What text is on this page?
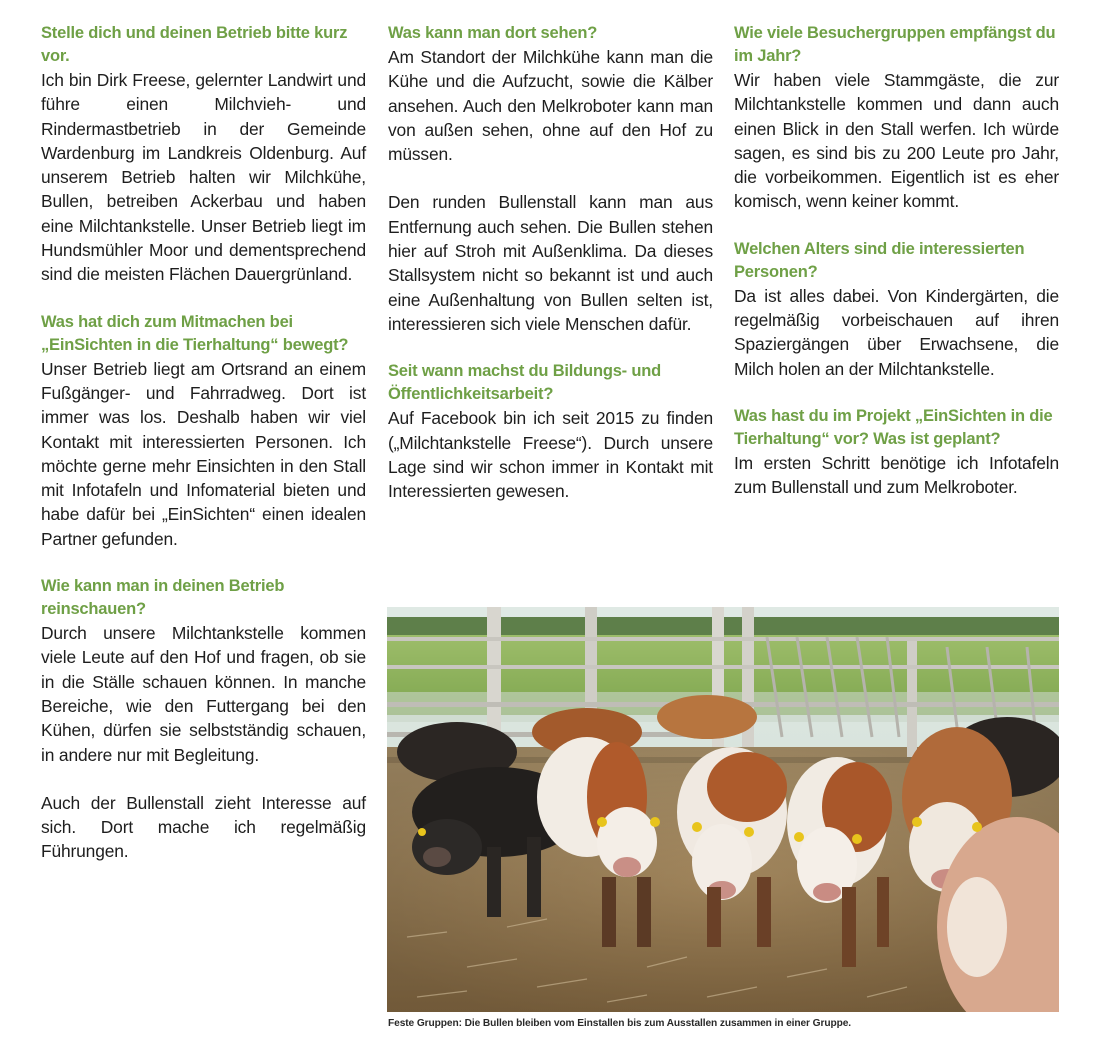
Stelle dich und deinen Betrieb bitte kurz vor.

Ich bin Dirk Freese, gelernter Landwirt und führe einen Milchvieh- und Rindermastbetrieb in der Gemeinde Wardenburg im Landkreis Oldenburg. Auf unserem Betrieb halten wir Milchkühe, Bullen, betreiben Ackerbau und haben eine Milchtankstelle. Unser Betrieb liegt im Hundsmühler Moor und dementsprechend sind die meisten Flächen Dauergrünland.

Was hat dich zum Mitmachen bei „EinSichten in die Tierhaltung“ bewegt?

Unser Betrieb liegt am Ortsrand an einem Fußgänger- und Fahrradweg. Dort ist immer was los. Deshalb haben wir viel Kontakt mit interessierten Personen. Ich möchte gerne mehr Einsichten in den Stall mit Infotafeln und Infomaterial bieten und habe dafür bei „EinSichten“ einen idealen Partner gefunden.

Wie kann man in deinen Betrieb reinschauen?

Durch unsere Milchtankstelle kommen viele Leute auf den Hof und fragen, ob sie in die Ställe schauen können. In manche Bereiche, wie den Futtergang bei den Kühen, dürfen sie selbstständig schauen, in andere nur mit Begleitung.

Auch der Bullenstall zieht Interesse auf sich. Dort mache ich regelmäßig Führungen.

Was kann man dort sehen?

Am Standort der Milchkühe kann man die Kühe und die Aufzucht, sowie die Kälber ansehen. Auch den Melkroboter kann man von außen sehen, ohne auf den Hof zu müssen.

Den runden Bullenstall kann man aus Entfernung auch sehen. Die Bullen stehen hier auf Stroh mit Außenklima. Da dieses Stallsystem nicht so bekannt ist und auch eine Außenhaltung von Bullen selten ist, interessieren sich viele Menschen dafür.

Seit wann machst du Bildungs- und Öffentlichkeitsarbeit?

Auf Facebook bin ich seit 2015 zu finden („Milchtankstelle Freese“). Durch unsere Lage sind wir schon immer in Kontakt mit Interessierten gewesen.

Wie viele Besuchergruppen empfängst du im Jahr?

Wir haben viele Stammgäste, die zur Milchtankstelle kommen und dann auch einen Blick in den Stall werfen. Ich würde sagen, es sind bis zu 200 Leute pro Jahr, die vorbeikommen. Eigentlich ist es eher komisch, wenn keiner kommt.

Welchen Alters sind die interessierten Personen?

Da ist alles dabei. Von Kindergärten, die regelmäßig vorbeischauen auf ihren Spaziergängen über Erwachsene, die Milch holen an der Milchtankstelle.

Was hast du im Projekt „EinSichten in die Tierhaltung“ vor? Was ist geplant?

Im ersten Schritt benötige ich Infotafeln zum Bullenstall und zum Melkroboter.

Feste Gruppen: Die Bullen bleiben vom Einstallen bis zum Ausstallen zusammen in einer Gruppe.
